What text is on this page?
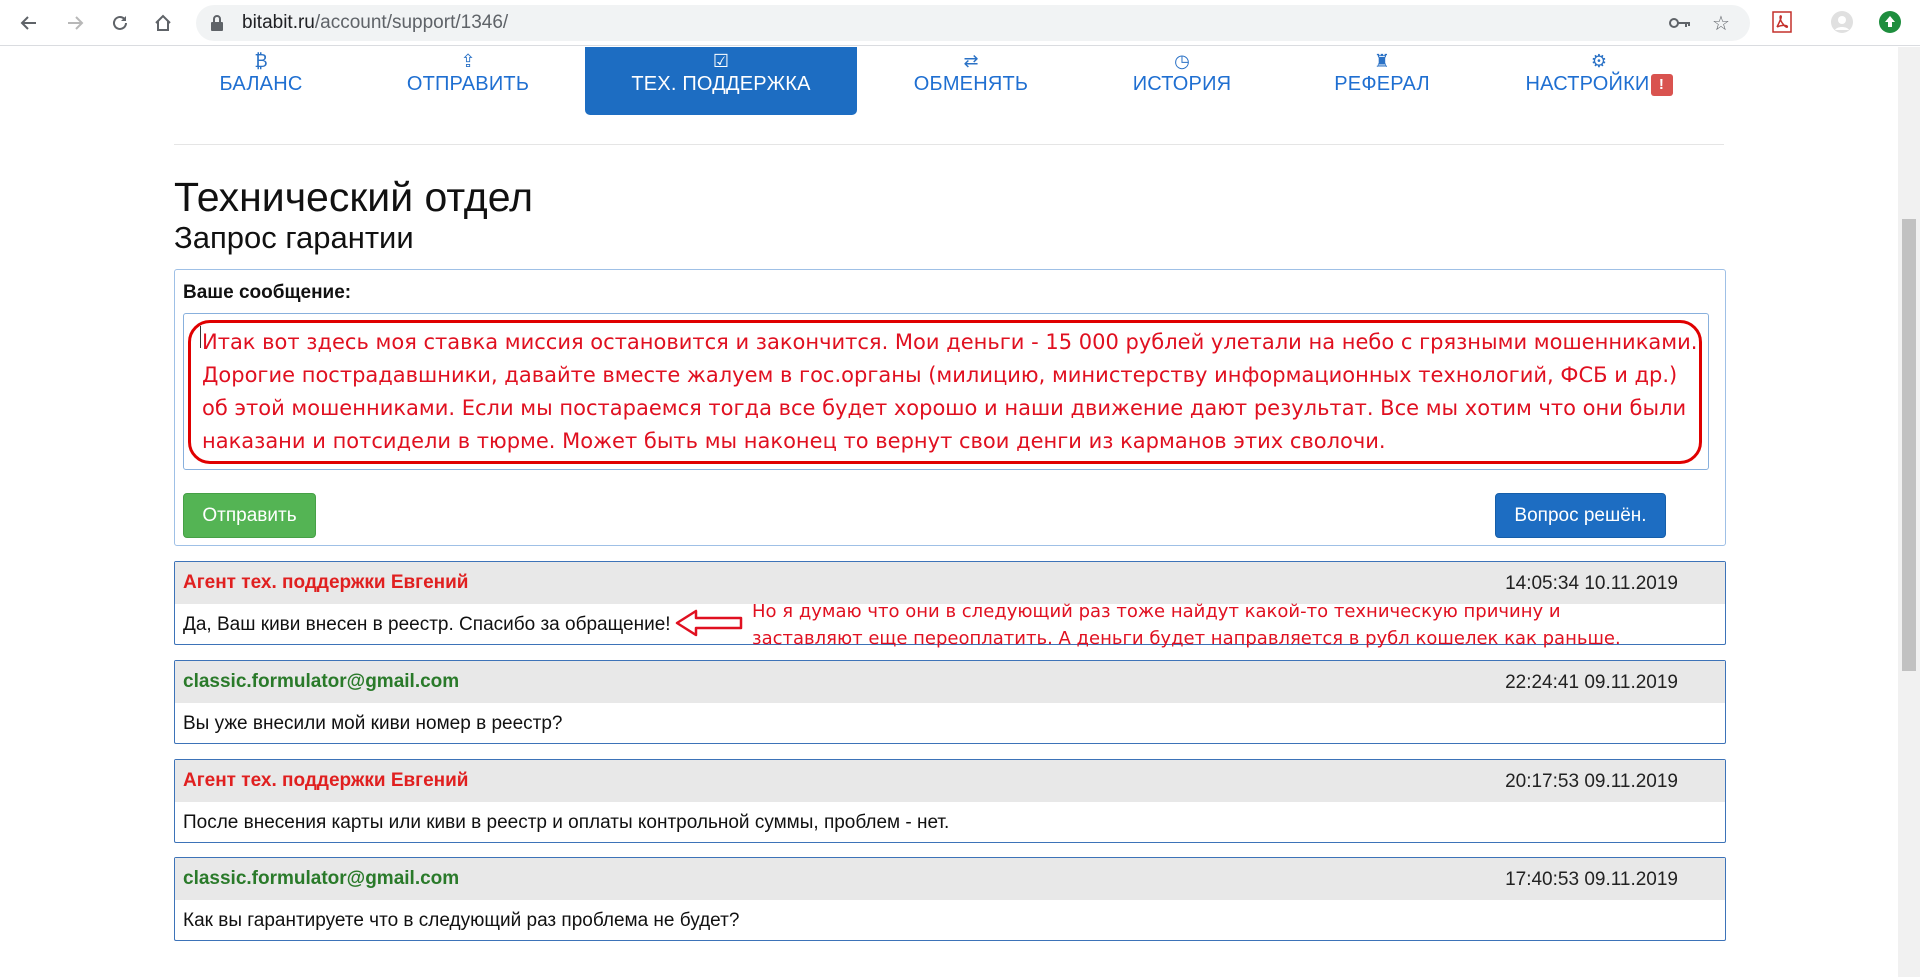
bitabit.ru/account/support/1346/	☆
₿
БАЛАНС
⇪
ОТПРАВИТЬ
☑
ТЕХ. ПОДДЕРЖКА
⇄
ОБМЕНЯТЬ
◷
ИСТОРИЯ
♜
РЕФЕРАЛ
⚙
НАСТРОЙКИ !
Технический отдел
Запрос гарантии
Ваше сообщение:
Итак вот здесь моя ставка миссия остановится и закончится. Мои деньги - 15 000 рублей улетали на небо с грязными мошенниками.
Дорогие пострадавшники, давайте вместе жалуем в гос.органы (милицию, министерству информационных технологий, ФСБ и др.)
об этой мошенниками. Если мы постараемся тогда все будет хорошо и наши движение дают результат. Все мы хотим что они были
наказани и потсидели в тюрме. Может быть мы наконец то вернут свои денги из карманов этих сволочи.
Отправить	Вопрос решён.
Агент тех. поддержки Евгений	14:05:34 10.11.2019
Да, Ваш киви внесен в реестр. Спасибо за обращение!
classic.formulator@gmail.com	22:24:41 09.11.2019
Вы уже внесили мой киви номер в реестр?
Агент тех. поддержки Евгений	20:17:53 09.11.2019
После внесения карты или киви в реестр и оплаты контрольной суммы, проблем - нет.
classic.formulator@gmail.com	17:40:53 09.11.2019
Как вы гарантируете что в следующий раз проблема не будет?
Но я думаю что они в следующий раз тоже найдут какой-то техническую причину и
заставляют еще переоплатить. А деньги будет направляется в рубл кошелек как раньше.
